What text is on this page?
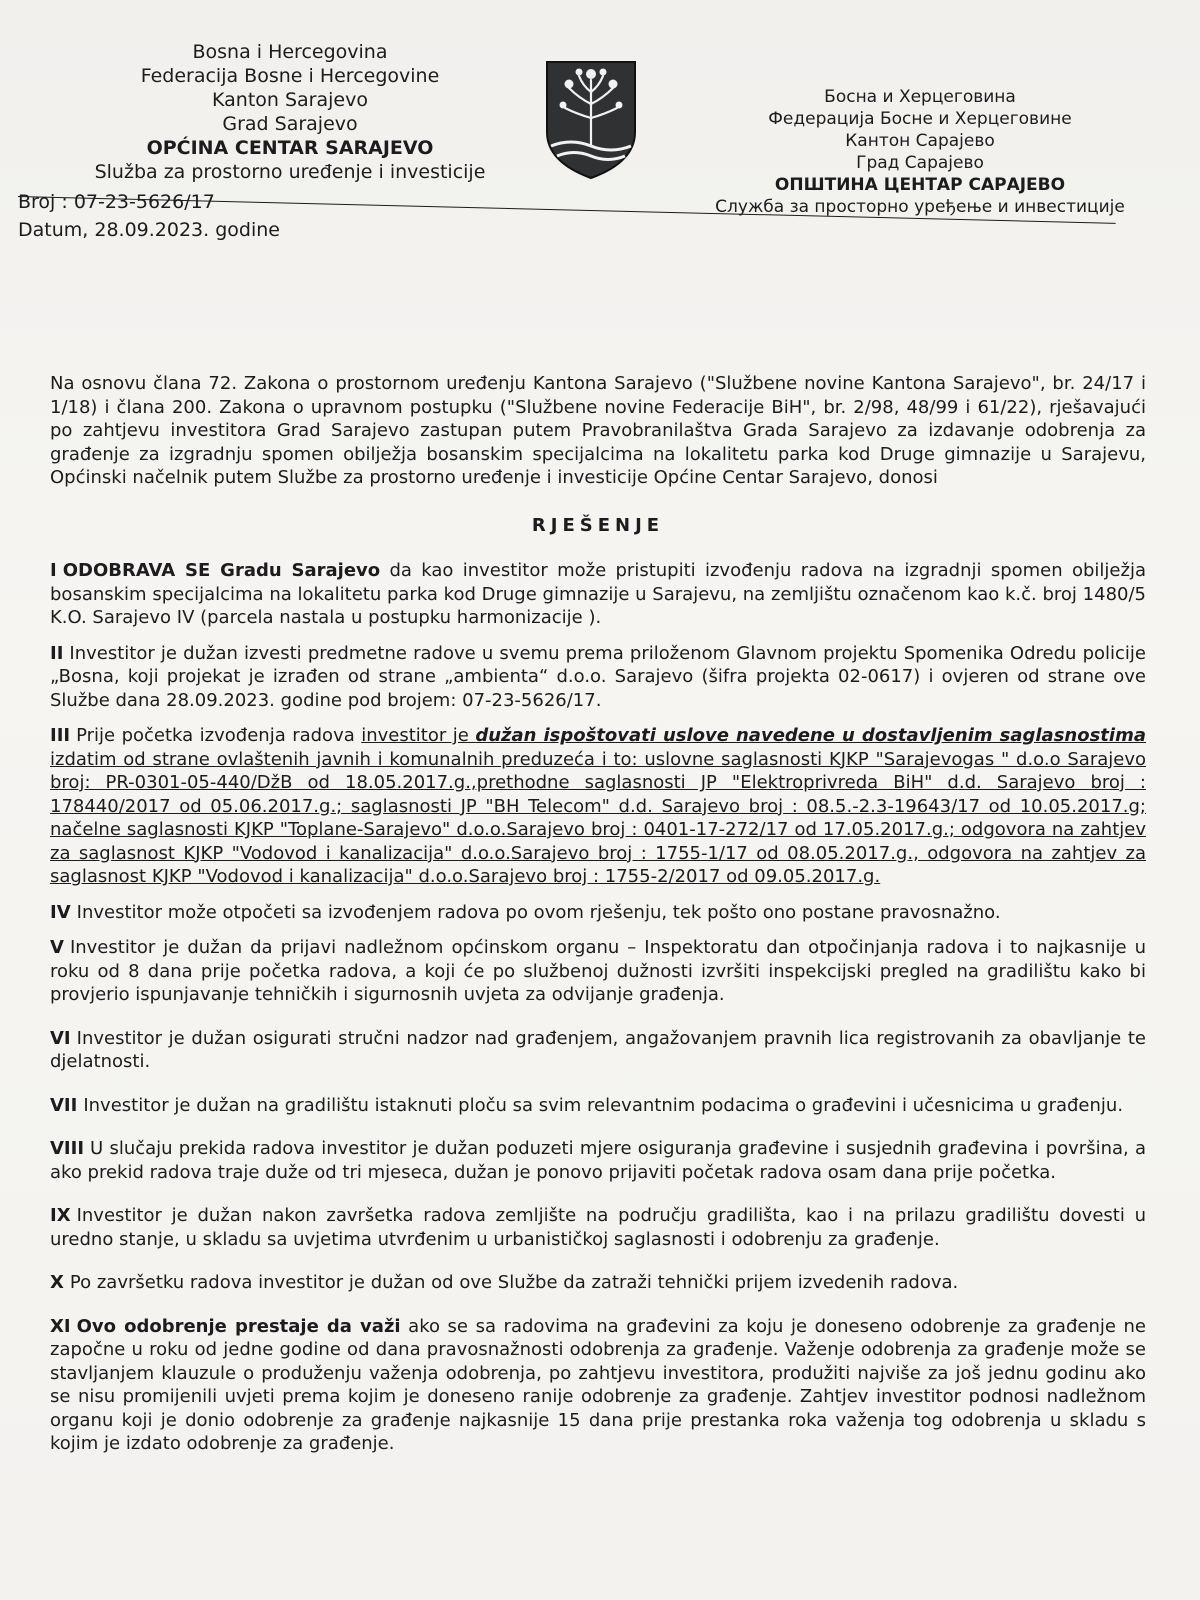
Bosna i Hercegovina
Federacija Bosne i Hercegovine
Kanton Sarajevo
Grad Sarajevo
OPĆINA CENTAR SARAJEVO
Služba za prostorno uređenje i investicije
Босна и Херцеговина
Федерација Босне и Херцеговине
Кантон Сарајево
Град Сарајево
ОПШТИНА ЦЕНТАР САРАЈЕВО
Служба за просторно уређење и инвестиције
Broj : 07-23-5626/17
Datum, 28.09.2023. godine

Na osnovu člana 72. Zakona o prostornom uređenju Kantona Sarajevo ("Službene novine Kantona Sarajevo", br. 24/17 i 1/18) i člana 200. Zakona o upravnom postupku ("Službene novine Federacije BiH", br. 2/98, 48/99 i 61/22), rješavajući po zahtjevu investitora Grad Sarajevo zastupan putem Pravobranilaštva Grada Sarajevo za izdavanje odobrenja za građenje za izgradnju spomen obilježja bosanskim specijalcima na lokalitetu parka kod Druge gimnazije u Sarajevu, Općinski načelnik putem Službe za prostorno uređenje i investicije Općine Centar Sarajevo, donosi

RJEŠENJE

I ODOBRAVA SE Gradu Sarajevo da kao investitor može pristupiti izvođenju radova na izgradnji spomen obilježja bosanskim specijalcima na lokalitetu parka kod Druge gimnazije u Sarajevu, na zemljištu označenom kao k.č. broj 1480/5 K.O. Sarajevo IV (parcela nastala u postupku harmonizacije ).

II Investitor je dužan izvesti predmetne radove u svemu prema priloženom Glavnom projektu Spomenika Odredu policije „Bosna, koji projekat je izrađen od strane „ambienta“ d.o.o. Sarajevo (šifra projekta 02-0617) i ovjeren od strane ove Službe dana 28.09.2023. godine pod brojem: 07-23-5626/17.

III Prije početka izvođenja radova investitor je dužan ispoštovati uslove navedene u dostavljenim saglasnostima izdatim od strane ovlaštenih javnih i komunalnih preduzeća i to: uslovne saglasnosti KJKP "Sarajevogas " d.o.o Sarajevo broj: PR-0301-05-440/DžB od 18.05.2017.g.,prethodne saglasnosti JP "Elektroprivreda BiH" d.d. Sarajevo broj : 178440/2017 od 05.06.2017.g.; saglasnosti JP "BH Telecom" d.d. Sarajevo broj : 08.5.-2.3-19643/17 od 10.05.2017.g; načelne saglasnosti KJKP "Toplane-Sarajevo" d.o.o.Sarajevo broj : 0401-17-272/17 od 17.05.2017.g.; odgovora na zahtjev za saglasnost KJKP "Vodovod i kanalizacija" d.o.o.Sarajevo broj : 1755-1/17 od 08.05.2017.g., odgovora na zahtjev za saglasnost KJKP "Vodovod i kanalizacija" d.o.o.Sarajevo broj : 1755-2/2017 od 09.05.2017.g.

IV Investitor može otpočeti sa izvođenjem radova po ovom rješenju, tek pošto ono postane pravosnažno.

V Investitor je dužan da prijavi nadležnom općinskom organu – Inspektoratu dan otpočinjanja radova i to najkasnije u roku od 8 dana prije početka radova, a koji će po službenoj dužnosti izvršiti inspekcijski pregled na gradilištu kako bi provjerio ispunjavanje tehničkih i sigurnosnih uvjeta za odvijanje građenja.

VI Investitor je dužan osigurati stručni nadzor nad građenjem, angažovanjem pravnih lica registrovanih za obavljanje te djelatnosti.

VII Investitor je dužan na gradilištu istaknuti ploču sa svim relevantnim podacima o građevini i učesnicima u građenju.

VIII U slučaju prekida radova investitor je dužan poduzeti mjere osiguranja građevine i susjednih građevina i površina, a ako prekid radova traje duže od tri mjeseca, dužan je ponovo prijaviti početak radova osam dana prije početka.

IX Investitor je dužan nakon završetka radova zemljište na području gradilišta, kao i na prilazu gradilištu dovesti u uredno stanje, u skladu sa uvjetima utvrđenim u urbanističkoj saglasnosti i odobrenju za građenje.

X Po završetku radova investitor je dužan od ove Službe da zatraži tehnički prijem izvedenih radova.

XI Ovo odobrenje prestaje da važi ako se sa radovima na građevini za koju je doneseno odobrenje za građenje ne započne u roku od jedne godine od dana pravosnažnosti odobrenja za građenje. Važenje odobrenja za građenje može se stavljanjem klauzule o produženju važenja odobrenja, po zahtjevu investitora, produžiti najviše za još jednu godinu ako se nisu promijenili uvjeti prema kojim je doneseno ranije odobrenje za građenje. Zahtjev investitor podnosi nadležnom organu koji je donio odobrenje za građenje najkasnije 15 dana prije prestanka roka važenja tog odobrenja u skladu s kojim je izdato odobrenje za građenje.
